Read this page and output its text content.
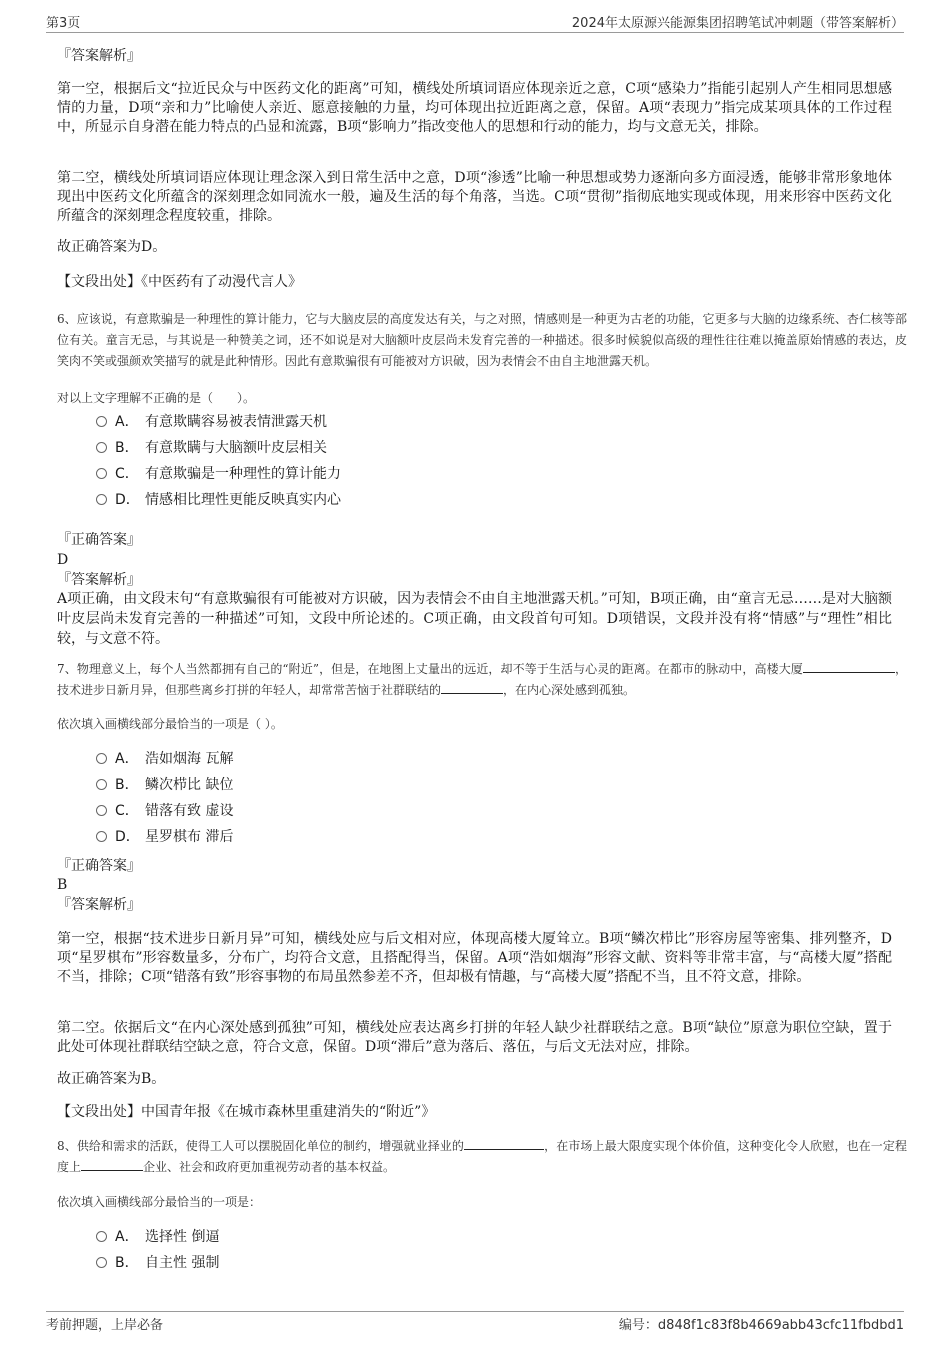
第3页	2024年太原源兴能源集团招聘笔试冲刺题（带答案解析）
『答案解析』
第一空，根据后文“拉近民众与中医药文化的距离”可知，横线处所填词语应体现亲近之意，C项“感染力”指能引起别人产生相同思想感情的力量，D项“亲和力”比喻使人亲近、愿意接触的力量，均可体现出拉近距离之意，保留。A项“表现力”指完成某项具体的工作过程中，所显示自身潜在能力特点的凸显和流露，B项“影响力”指改变他人的思想和行动的能力，均与文意无关，排除。
第二空，横线处所填词语应体现让理念深入到日常生活中之意，D项“渗透”比喻一种思想或势力逐渐向多方面浸透，能够非常形象地体现出中医药文化所蕴含的深刻理念如同流水一般，遍及生活的每个角落，当选。C项“贯彻”指彻底地实现或体现，用来形容中医药文化所蕴含的深刻理念程度较重，排除。
故正确答案为D。
【文段出处】《中医药有了动漫代言人》
6、应该说，有意欺骗是一种理性的算计能力，它与大脑皮层的高度发达有关，与之对照，情感则是一种更为古老的功能，它更多与大脑的边缘系统、杏仁核等部位有关。童言无忌，与其说是一种赞美之词，还不如说是对大脑额叶皮层尚未发育完善的一种描述。很多时候貌似高级的理性往往难以掩盖原始情感的表达，皮笑肉不笑或强颜欢笑描写的就是此种情形。因此有意欺骗很有可能被对方识破，因为表情会不由自主地泄露天机。
对以上文字理解不正确的是（　　）。
A． 有意欺瞒容易被表情泄露天机
B． 有意欺瞒与大脑额叶皮层相关
C． 有意欺骗是一种理性的算计能力
D． 情感相比理性更能反映真实内心
『正确答案』
D
『答案解析』
A项正确，由文段末句“有意欺骗很有可能被对方识破，因为表情会不由自主地泄露天机。”可知，B项正确，由“童言无忌……是对大脑额叶皮层尚未发育完善的一种描述”可知，文段中所论述的。C项正确，由文段首句可知。D项错误，文段并没有将“情感”与“理性”相比较，与文意不符。
7、物理意义上，每个人当然都拥有自己的“附近”，但是，在地图上丈量出的远近，却不等于生活与心灵的距离。在都市的脉动中，高楼大厦	，技术进步日新月异，但那些离乡打拼的年轻人，却常常苦恼于社群联结的	，在内心深处感到孤独。
依次填入画横线部分最恰当的一项是（ ）。
A． 浩如烟海 瓦解
B． 鳞次栉比 缺位
C． 错落有致 虚设
D． 星罗棋布 滞后
『正确答案』
B
『答案解析』
第一空，根据“技术进步日新月异”可知，横线处应与后文相对应，体现高楼大厦耸立。B项“鳞次栉比”形容房屋等密集、排列整齐，D项“星罗棋布”形容数量多，分布广，均符合文意，且搭配得当，保留。A项“浩如烟海”形容文献、资料等非常丰富，与“高楼大厦”搭配不当，排除；C项“错落有致”形容事物的布局虽然参差不齐，但却极有情趣，与“高楼大厦”搭配不当，且不符文意，排除。
第二空。依据后文“在内心深处感到孤独”可知，横线处应表达离乡打拼的年轻人缺少社群联结之意。B项“缺位”原意为职位空缺，置于此处可体现社群联结空缺之意，符合文意，保留。D项“滞后”意为落后、落伍，与后文无法对应，排除。
故正确答案为B。
【文段出处】中国青年报《在城市森林里重建消失的“附近”》
8、供给和需求的活跃，使得工人可以摆脱固化单位的制约，增强就业择业的	，在市场上最大限度实现个体价值，这种变化令人欣慰，也在一定程度上	企业、社会和政府更加重视劳动者的基本权益。
依次填入画横线部分最恰当的一项是：
A． 选择性 倒逼
B． 自主性 强制
考前押题，上岸必备	编号：d848f1c83f8b4669abb43cfc11fbdbd1
